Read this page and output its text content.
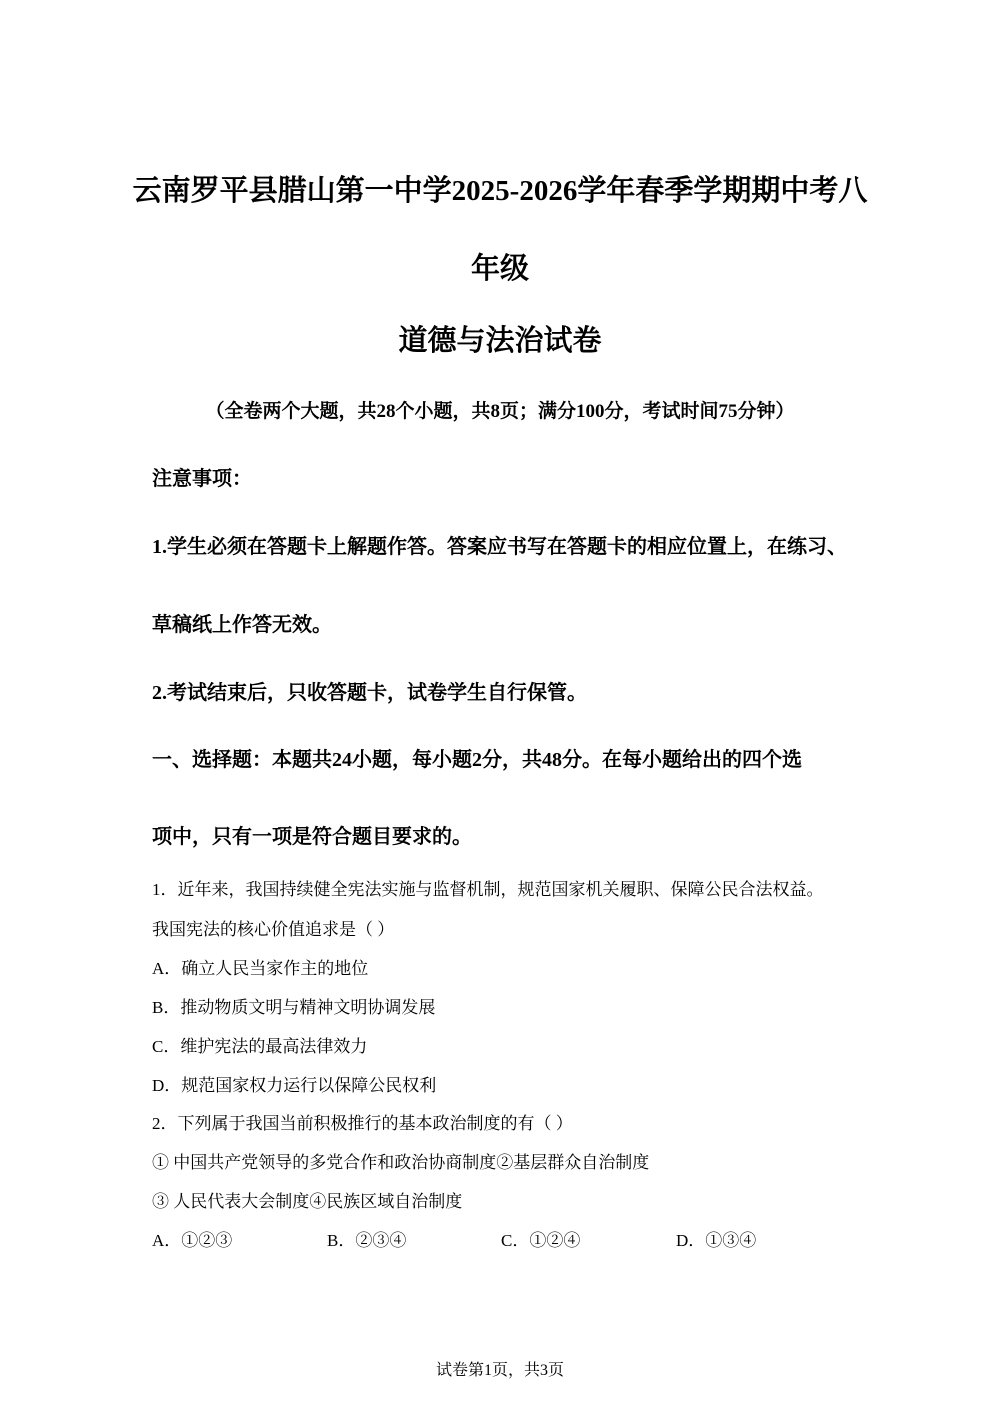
云南罗平县腊山第一中学2025-2026学年春季学期期中考八
年级
道德与法治试卷
（全卷两个大题，共28个小题，共8页；满分100分，考试时间75分钟）
注意事项：
1.学生必须在答题卡上解题作答。答案应书写在答题卡的相应位置上，在练习、
草稿纸上作答无效。
2.考试结束后，只收答题卡，试卷学生自行保管。
一、选择题：本题共24小题，每小题2分，共48分。在每小题给出的四个选
项中，只有一项是符合题目要求的。
1．近年来，我国持续健全宪法实施与监督机制，规范国家机关履职、保障公民合法权益。
我国宪法的核心价值追求是（ ）
A．确立人民当家作主的地位
B．推动物质文明与精神文明协调发展
C．维护宪法的最高法律效力
D．规范国家权力运行以保障公民权利
2．下列属于我国当前积极推行的基本政治制度的有（ ）
① 中国共产党领导的多党合作和政治协商制度②基层群众自治制度
③ 人民代表大会制度④民族区域自治制度
A．①②③	B．②③④	C．①②④	D．①③④
试卷第1页，共3页
